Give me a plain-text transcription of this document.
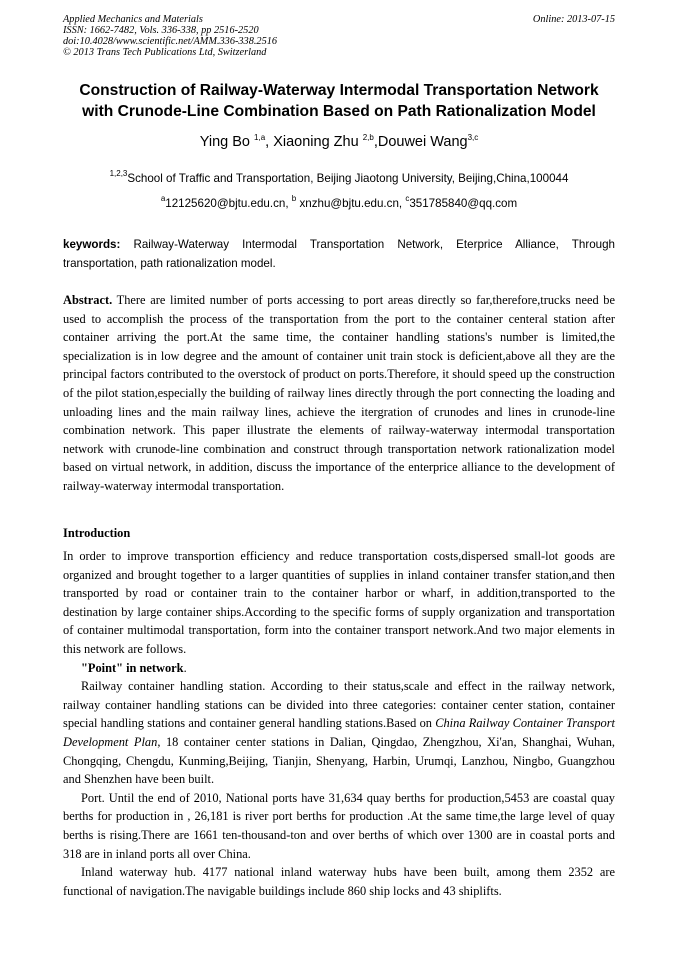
Applied Mechanics and Materials
ISSN: 1662-7482, Vols. 336-338, pp 2516-2520
doi:10.4028/www.scientific.net/AMM.336-338.2516
© 2013 Trans Tech Publications Ltd, Switzerland
Online: 2013-07-15
Construction of Railway-Waterway Intermodal Transportation Network
with Crunode-Line Combination Based on Path Rationalization Model
Ying Bo $^{1,a}$, Xiaoning Zhu $^{2,b}$,Douwei Wang$^{3,c}$
$^{1,2,3}$School of Traffic and Transportation, Beijing Jiaotong University, Beijing,China,100044
$^a$12125620@bjtu.edu.cn, $^b$ xnzhu@bjtu.edu.cn, $^c$351785840@qq.com
keywords: Railway-Waterway Intermodal Transportation Network, Eterprice Alliance, Through transportation, path rationalization model.

Abstract. There are limited number of ports accessing to port areas directly so far,therefore,trucks need be used to accomplish the process of the transportation from the port to the container centeral station after container arriving the port.At the same time, the container handling stations's number is limited,the specialization is in low degree and the amount of container unit train stock is deficient,above all they are the principal factors contributed to the overstock of product on ports.Therefore, it should speed up the construction of the pilot station,especially the building of railway lines directly through the port connecting the loading and unloading lines and the main railway lines, achieve the itergration of crunodes and lines in crunode-line combination network. This paper illustrate the elements of railway-waterway intermodal transportation network with crunode-line combination and construct through transportation network rationalization model based on virtual network, in addition, discuss the importance of the enterprice alliance to the development of railway-waterway intermodal transportation.

Introduction

In order to improve transportion efficiency and reduce transportation costs,dispersed small-lot goods are organized and brought together to a larger quantities of supplies in inland container transfer station,and then transported by road or container train to the container harbor or wharf, in addition,transported to the destination by large container ships.According to the specific forms of supply organization and transportation of container multimodal transportation, form into the container transport network.And two major elements in this network are follows.

"Point" in network.

Railway container handling station. According to their status,scale and effect in the railway network, railway container handling stations can be divided into three categories: container center station, container special handling stations and container general handling stations.Based on China Railway Container Transport Development Plan, 18 container center stations in Dalian, Qingdao, Zhengzhou, Xi'an, Shanghai, Wuhan, Chongqing, Chengdu, Kunming,Beijing, Tianjin, Shenyang, Harbin, Urumqi, Lanzhou, Ningbo, Guangzhou and Shenzhen have been built.

Port. Until the end of 2010, National ports have 31,634 quay berths for production,5453 are coastal quay berths for production in , 26,181 is river port berths for production .At the same time,the large level of quay berths is rising.There are 1661 ten-thousand-ton and over berths of which over 1300 are in coastal ports and 318 are in inland ports all over China.

Inland waterway hub. 4177 national inland waterway hubs have been built, among them 2352 are functional of navigation.The navigable buildings include 860 ship locks and 43 shiplifts.
